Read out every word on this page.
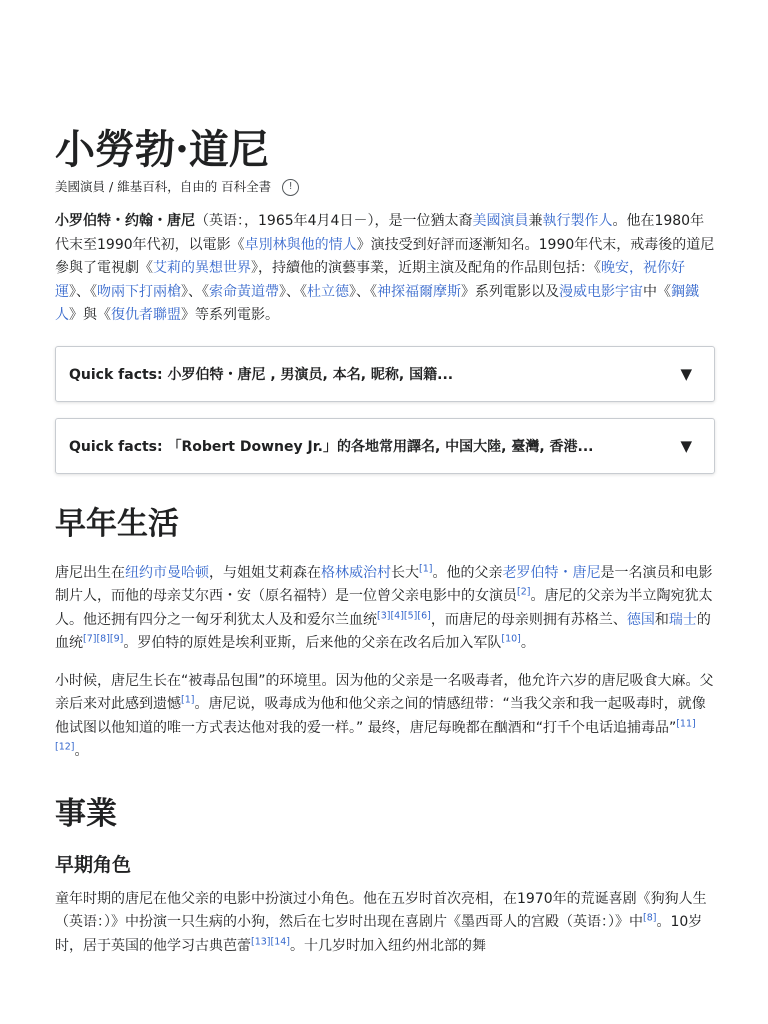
小勞勃·道尼
美國演員 / 維基百科，自由的 百科全書	!

小罗伯特・约翰・唐尼（英语：，1965年4月4日－），是一位猶太裔美國演員兼執行製作人。他在1980年代末至1990年代初，以電影《卓別林與他的情人》演技受到好評而逐漸知名。1990年代末，戒毒後的道尼參與了電視劇《艾莉的異想世界》，持續他的演藝事業，近期主演及配角的作品則包括：《晚安，祝你好運》、《吻兩下打兩槍》、《索命黃道帶》、《杜立德》、《神探福爾摩斯》系列電影以及漫威电影宇宙中《鋼鐵人》與《復仇者聯盟》等系列電影。

Quick facts: 小罗伯特・唐尼 , 男演员, 本名, 昵称, 国籍...	▼
Quick facts: 「Robert Downey Jr.」的各地常用譯名, 中国大陸, 臺灣, 香港...	▼
早年生活

唐尼出生在纽约市曼哈顿，与姐姐艾莉森在格林威治村长大[1]。他的父亲老罗伯特・唐尼是一名演员和电影制片人，而他的母亲艾尔西・安（原名福特）是一位曾父亲电影中的女演员[2]。唐尼的父亲为半立陶宛犹太人。他还拥有四分之一匈牙利犹太人及和爱尔兰血统[3][4][5][6]，而唐尼的母亲则拥有苏格兰、德国和瑞士的血统[7][8][9]。罗伯特的原姓是埃利亚斯，后来他的父亲在改名后加入军队[10]。

小时候，唐尼生长在“被毒品包围”的环境里。因为他的父亲是一名吸毒者，他允许六岁的唐尼吸食大麻。父亲后来对此感到遗憾[1]。唐尼说，吸毒成为他和他父亲之间的情感纽带：“当我父亲和我一起吸毒时，就像他试图以他知道的唯一方式表达他对我的爱一样。” 最终，唐尼每晚都在酗酒和“打千个电话追捕毒品”[11][12]。

事業
早期角色

童年时期的唐尼在他父亲的电影中扮演过小角色。他在五岁时首次亮相，在1970年的荒诞喜剧《狗狗人生（英语：）》中扮演一只生病的小狗，然后在七岁时出现在喜剧片《墨西哥人的宫殿（英语：）》中[8]。10岁时，居于英国的他学习古典芭蕾[13][14]。十几岁时加入纽约州北部的舞
